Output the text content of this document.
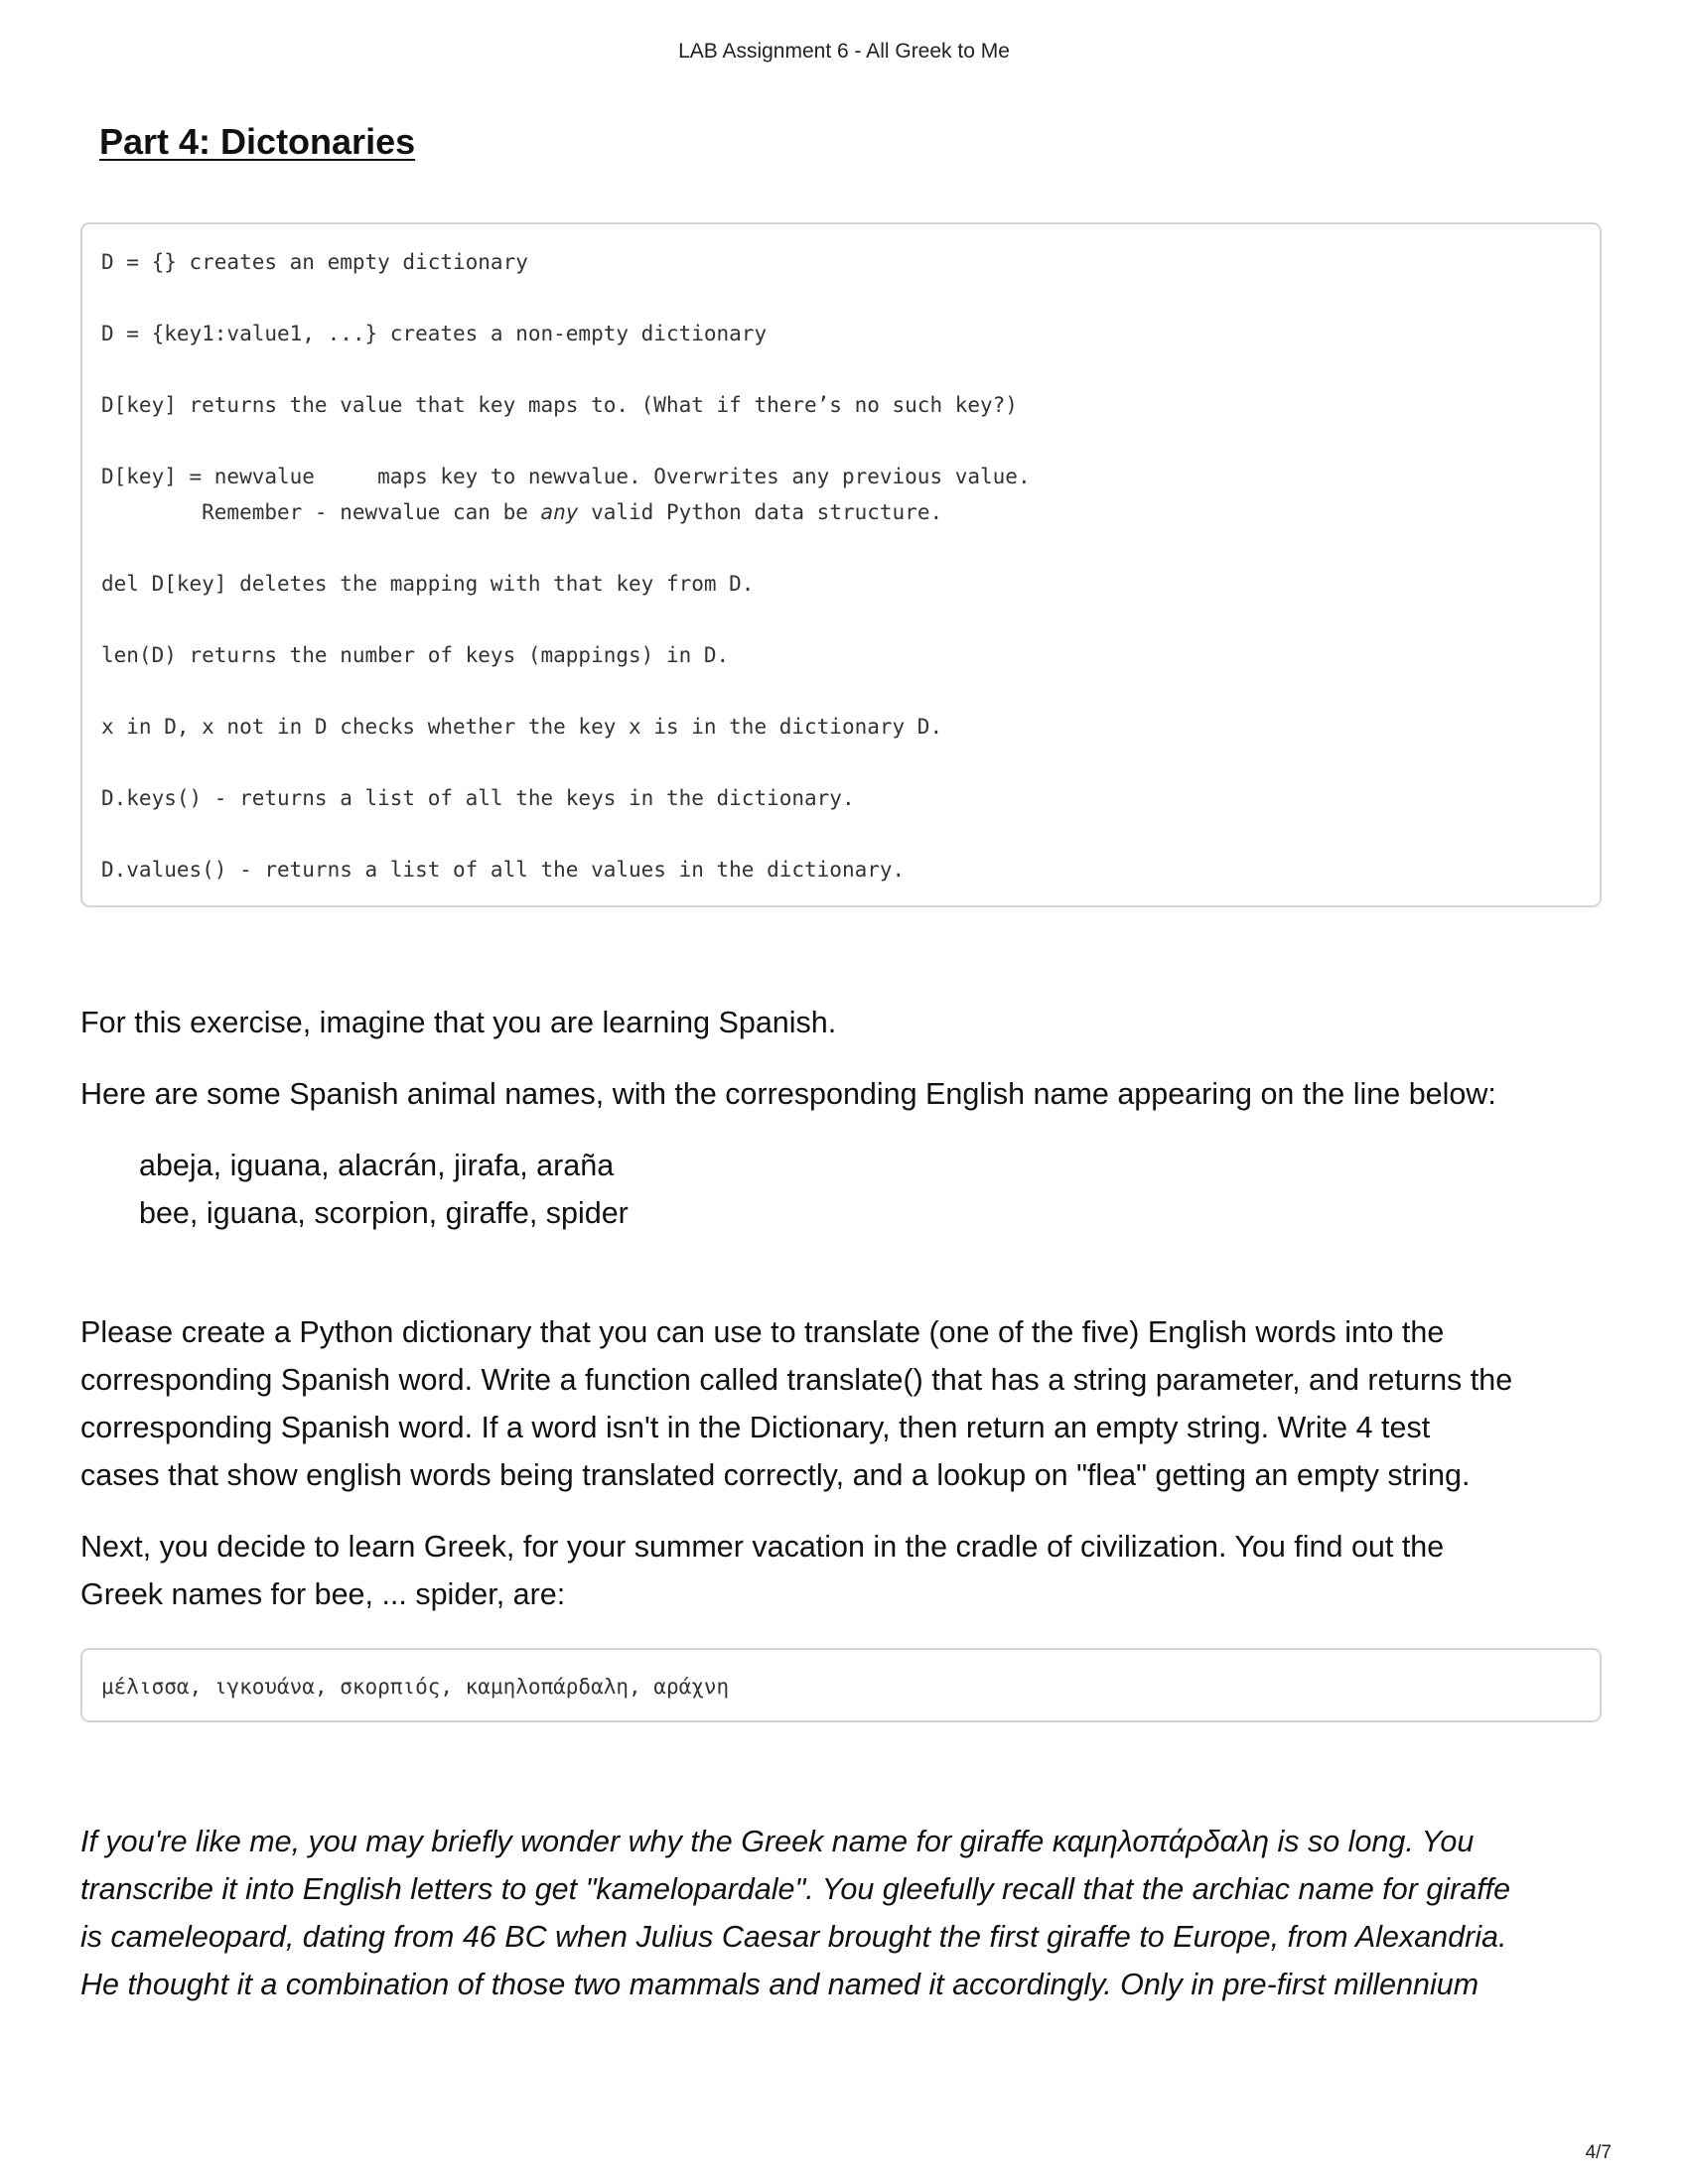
LAB Assignment 6 - All Greek to Me
Part 4: Dictonaries
D = {} creates an empty dictionary
D = {key1:value1, ...} creates a non-empty dictionary
D[key] returns the value that key maps to. (What if there’s no such key?)
D[key] = newvalue     maps key to newvalue. Overwrites any previous value.
Remember - newvalue can be any valid Python data structure.
del D[key] deletes the mapping with that key from D.
len(D) returns the number of keys (mappings) in D.
x in D, x not in D checks whether the key x is in the dictionary D.
D.keys() - returns a list of all the keys in the dictionary.
D.values() - returns a list of all the values in the dictionary.

For this exercise, imagine that you are learning Spanish.

Here are some Spanish animal names, with the corresponding English name appearing on the line below:

abeja, iguana, alacrán, jirafa, araña

bee, iguana, scorpion, giraffe, spider

Please create a Python dictionary that you can use to translate (one of the five) English words into the
corresponding Spanish word. Write a function called translate() that has a string parameter, and returns the
corresponding Spanish word. If a word isn't in the Dictionary, then return an empty string. Write 4 test
cases that show english words being translated correctly, and a lookup on "flea" getting an empty string.
Next, you decide to learn Greek, for your summer vacation in the cradle of civilization. You find out the
Greek names for bee, ... spider, are:
μέλισσα, ιγκουάνα, σκορπιός, καμηλοπάρδαλη, αράχνη
If you're like me, you may briefly wonder why the Greek name for giraffe καμηλοπάρδαλη is so long. You
transcribe it into English letters to get "kamelopardale". You gleefully recall that the archiac name for giraffe
is cameleopard, dating from 46 BC when Julius Caesar brought the first giraffe to Europe, from Alexandria.
He thought it a combination of those two mammals and named it accordingly. Only in pre-first millennium
4/7
